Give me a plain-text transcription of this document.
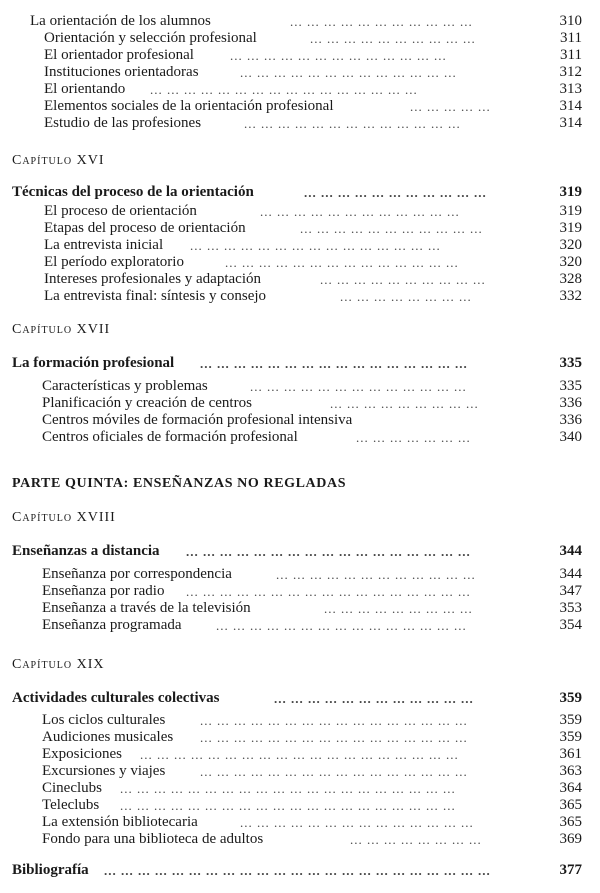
... ... ... ... ... ... ... ... ... ... ...
La orientación de los alumnos	310
... ... ... ... ... ... ... ... ... ...
Orientación y selección profesional	311
... ... ... ... ... ... ... ... ... ... ... ... ...
El orientador profesional	311
... ... ... ... ... ... ... ... ... ... ... ... ...
Instituciones orientadoras	312
... ... ... ... ... ... ... ... ... ... ... ... ... ... ... ...
El orientando	313
... ... ... ... ...
Elementos sociales de la orientación profesional	314
... ... ... ... ... ... ... ... ... ... ... ... ...
Estudio de las profesiones	314
Capítulo XVI
... ... ... ... ... ... ... ... ... ... ...
Técnicas del proceso de la orientación	319
... ... ... ... ... ... ... ... ... ... ... ...
El proceso de orientación	319
... ... ... ... ... ... ... ... ... ... ...
Etapas del proceso de orientación	319
... ... ... ... ... ... ... ... ... ... ... ... ... ... ...
La entrevista inicial	320
... ... ... ... ... ... ... ... ... ... ... ... ... ...
El período exploratorio	320
... ... ... ... ... ... ... ... ... ...
Intereses profesionales y adaptación	328
... ... ... ... ... ... ... ...
La entrevista final: síntesis y consejo	332
Capítulo XVII
... ... ... ... ... ... ... ... ... ... ... ... ... ... ... ...
La formación profesional	335
... ... ... ... ... ... ... ... ... ... ... ... ...
Características y problemas	335
... ... ... ... ... ... ... ... ...
Planificación y creación de centros	336
Centros móviles de formación profesional intensiva	336
... ... ... ... ... ... ...
Centros oficiales de formación profesional	340
PARTE QUINTA: ENSEÑANZAS NO REGLADAS
Capítulo XVIII
... ... ... ... ... ... ... ... ... ... ... ... ... ... ... ... ...
Enseñanzas a distancia	344
... ... ... ... ... ... ... ... ... ... ... ...
Enseñanza por correspondencia	344
... ... ... ... ... ... ... ... ... ... ... ... ... ... ... ... ...
Enseñanza por radio	347
... ... ... ... ... ... ... ... ...
Enseñanza a través de la televisión	353
... ... ... ... ... ... ... ... ... ... ... ... ... ... ...
Enseñanza programada	354
Capítulo XIX
... ... ... ... ... ... ... ... ... ... ... ...
Actividades culturales colectivas	359
... ... ... ... ... ... ... ... ... ... ... ... ... ... ... ...
Los ciclos culturales	359
... ... ... ... ... ... ... ... ... ... ... ... ... ... ... ...
Audiciones musicales	359
... ... ... ... ... ... ... ... ... ... ... ... ... ... ... ... ... ... ...
Exposiciones	361
... ... ... ... ... ... ... ... ... ... ... ... ... ... ... ...
Excursiones y viajes	363
... ... ... ... ... ... ... ... ... ... ... ... ... ... ... ... ... ... ... ...
Cineclubs	364
... ... ... ... ... ... ... ... ... ... ... ... ... ... ... ... ... ... ... ...
Teleclubs	365
... ... ... ... ... ... ... ... ... ... ... ... ... ...
La extensión bibliotecaria	365
... ... ... ... ... ... ... ...
Fondo para una biblioteca de adultos	369
... ... ... ... ... ... ... ... ... ... ... ... ... ... ... ... ... ... ... ... ... ... ...
Bibliografía	377
